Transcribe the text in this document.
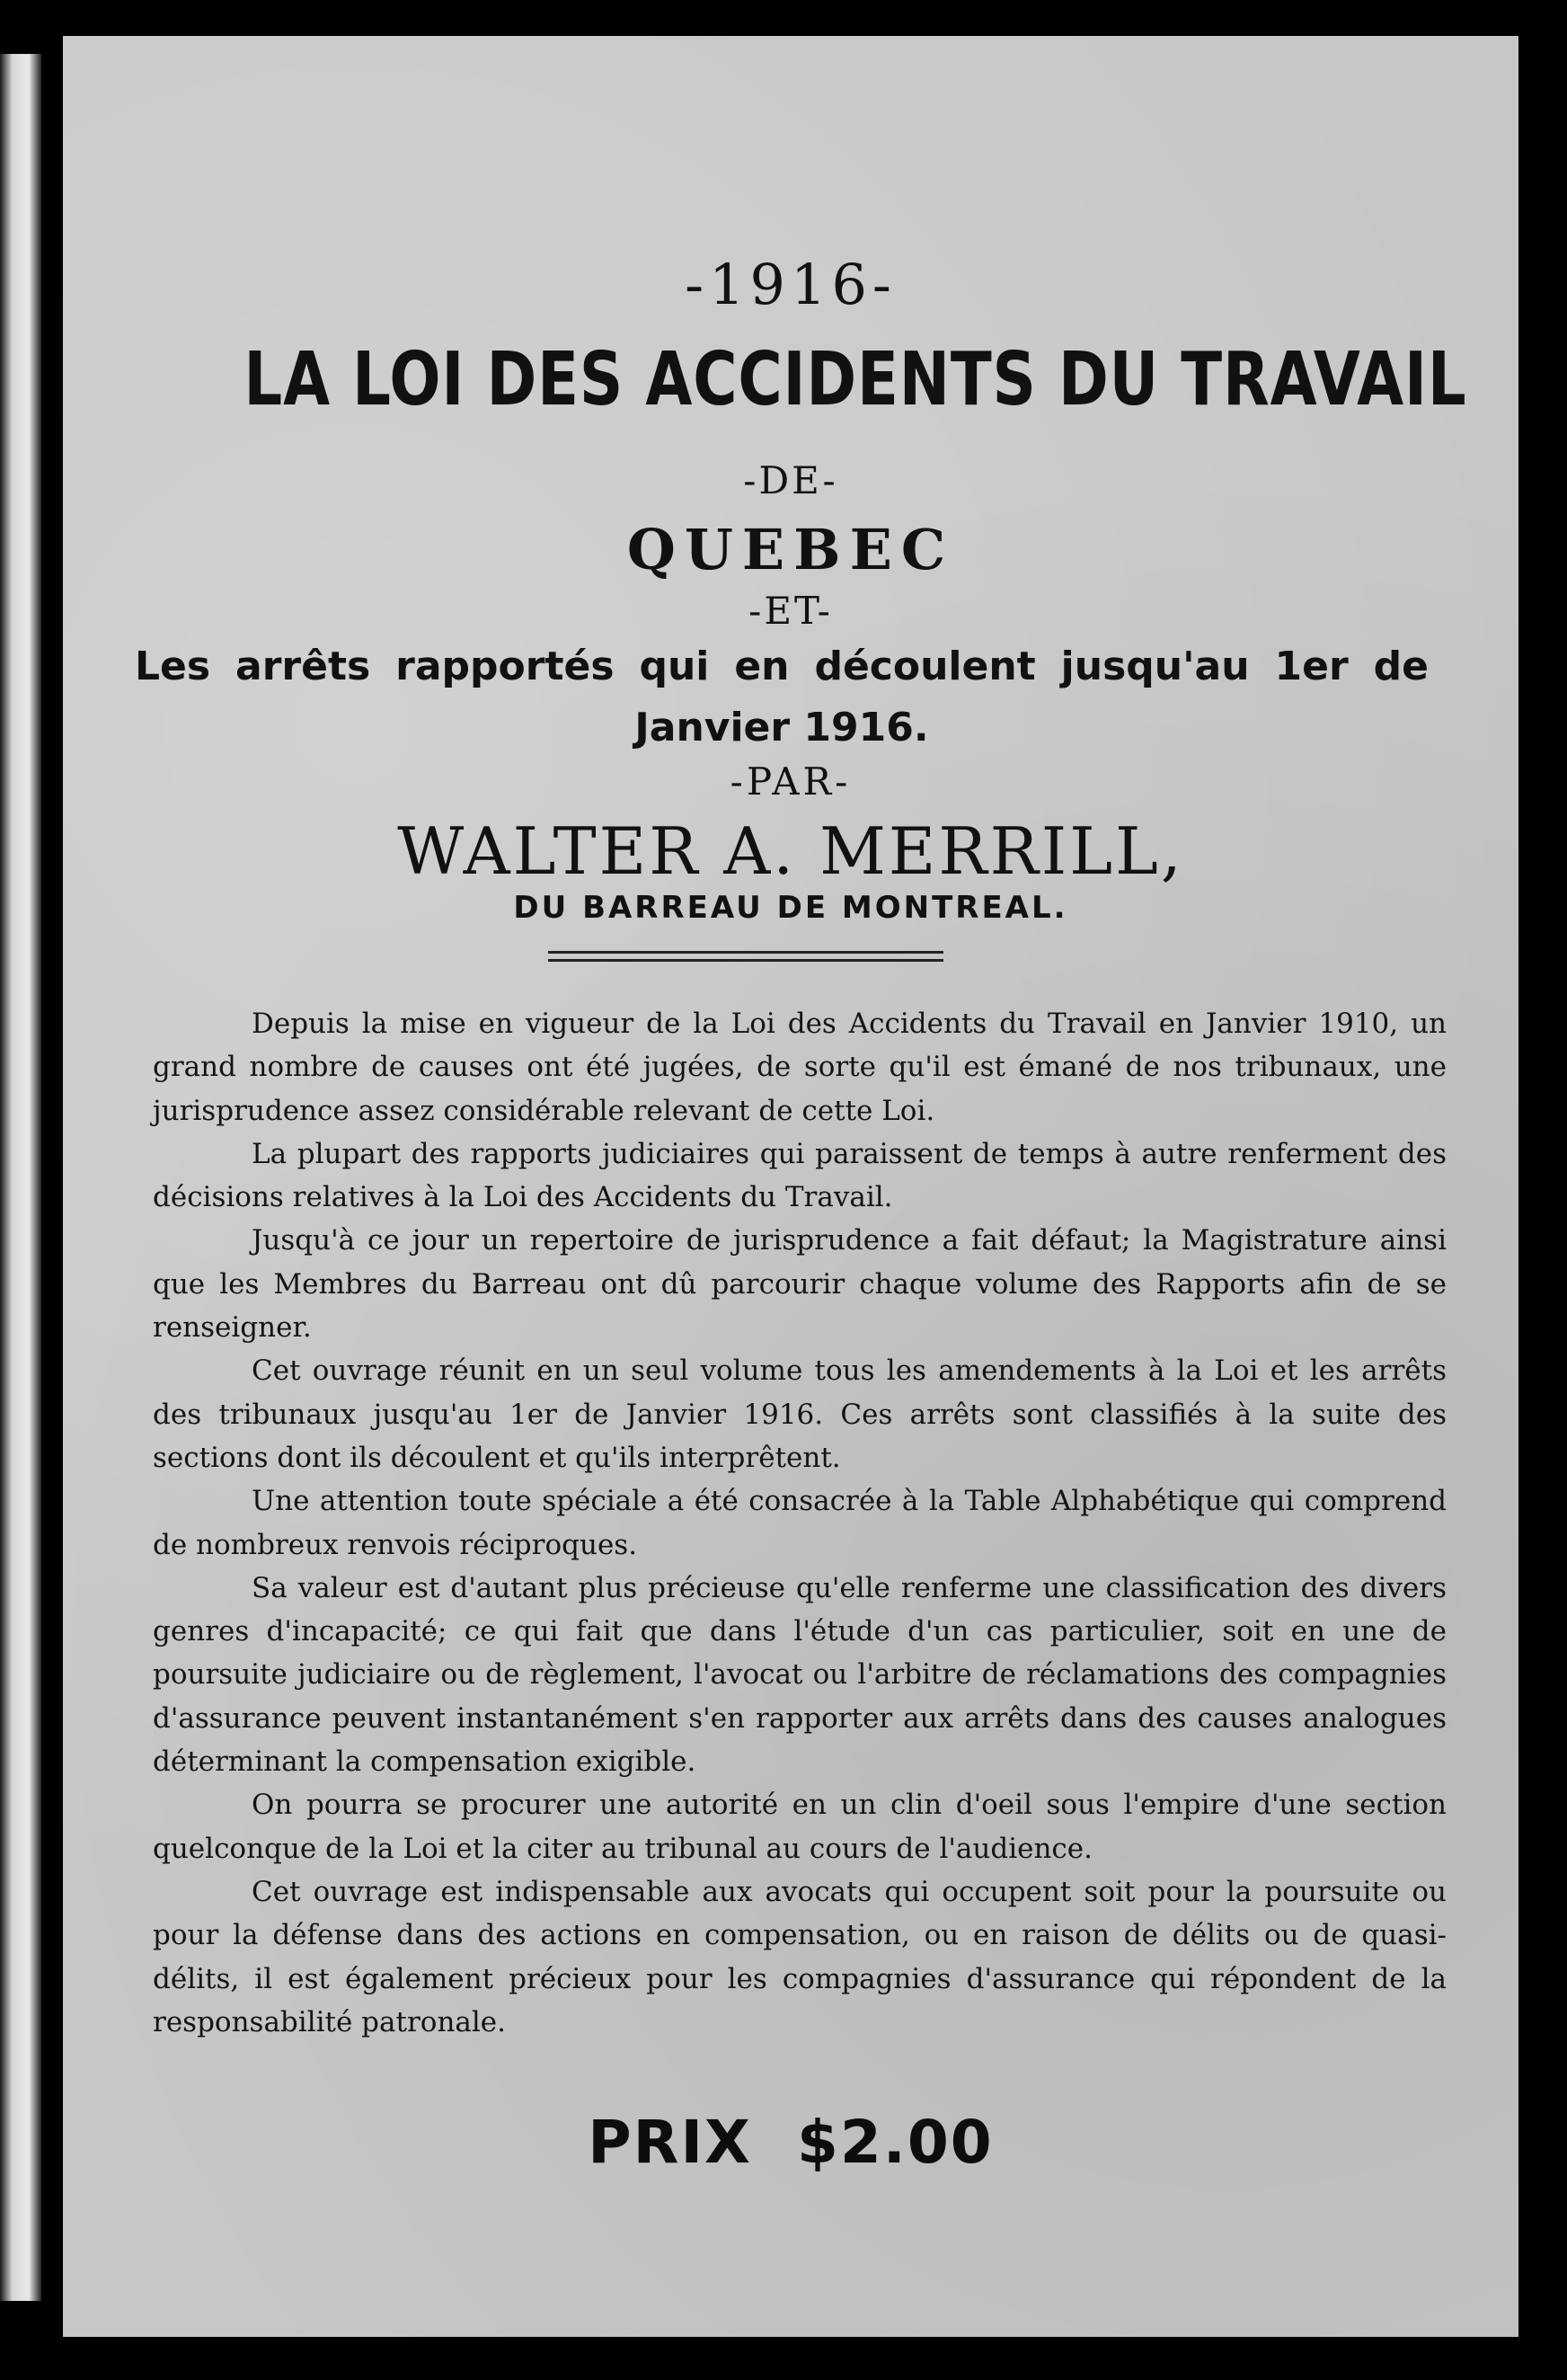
-1916-
LA LOI DES ACCIDENTS DU TRAVAIL
-DE-
QUEBEC
-ET-
Les arrêts rapportés qui en découlent jusqu'au 1er de Janvier 1916.
-PAR-
WALTER A. MERRILL,
DU BARREAU DE MONTREAL.

Depuis la mise en vigueur de la Loi des Accidents du Travail en Janvier 1910, un grand nombre de causes ont été jugées, de sorte qu'il est émané de nos tribunaux, une jurisprudence assez considérable relevant de cette Loi.

La plupart des rapports judiciaires qui paraissent de temps à autre renferment des décisions relatives à la Loi des Accidents du Travail.

Jusqu'à ce jour un repertoire de jurisprudence a fait défaut; la Magistrature ainsi que les Membres du Barreau ont dû parcourir chaque volume des Rapports afin de se renseigner.

Cet ouvrage réunit en un seul volume tous les amendements à la Loi et les arrêts des tribunaux jusqu'au 1er de Janvier 1916. Ces arrêts sont classifiés à la suite des sections dont ils découlent et qu'ils interprêtent.

Une attention toute spéciale a été consacrée à la Table Alphabétique qui comprend de nombreux renvois réciproques.

Sa valeur est d'autant plus précieuse qu'elle renferme une classification des divers genres d'incapacité; ce qui fait que dans l'étude d'un cas particulier, soit en une de poursuite judiciaire ou de règlement, l'avocat ou l'arbitre de réclamations des compagnies d'assurance peuvent instantanément s'en rapporter aux arrêts dans des causes analogues déterminant la compensation exigible.

On pourra se procurer une autorité en un clin d'oeil sous l'empire d'une section quelconque de la Loi et la citer au tribunal au cours de l'audience.

Cet ouvrage est indispensable aux avocats qui occupent soit pour la poursuite ou pour la défense dans des actions en compensation, ou en raison de délits ou de quasi-délits, il est également précieux pour les compagnies d'assurance qui répondent de la responsabilité patronale.

PRIX $2.00
